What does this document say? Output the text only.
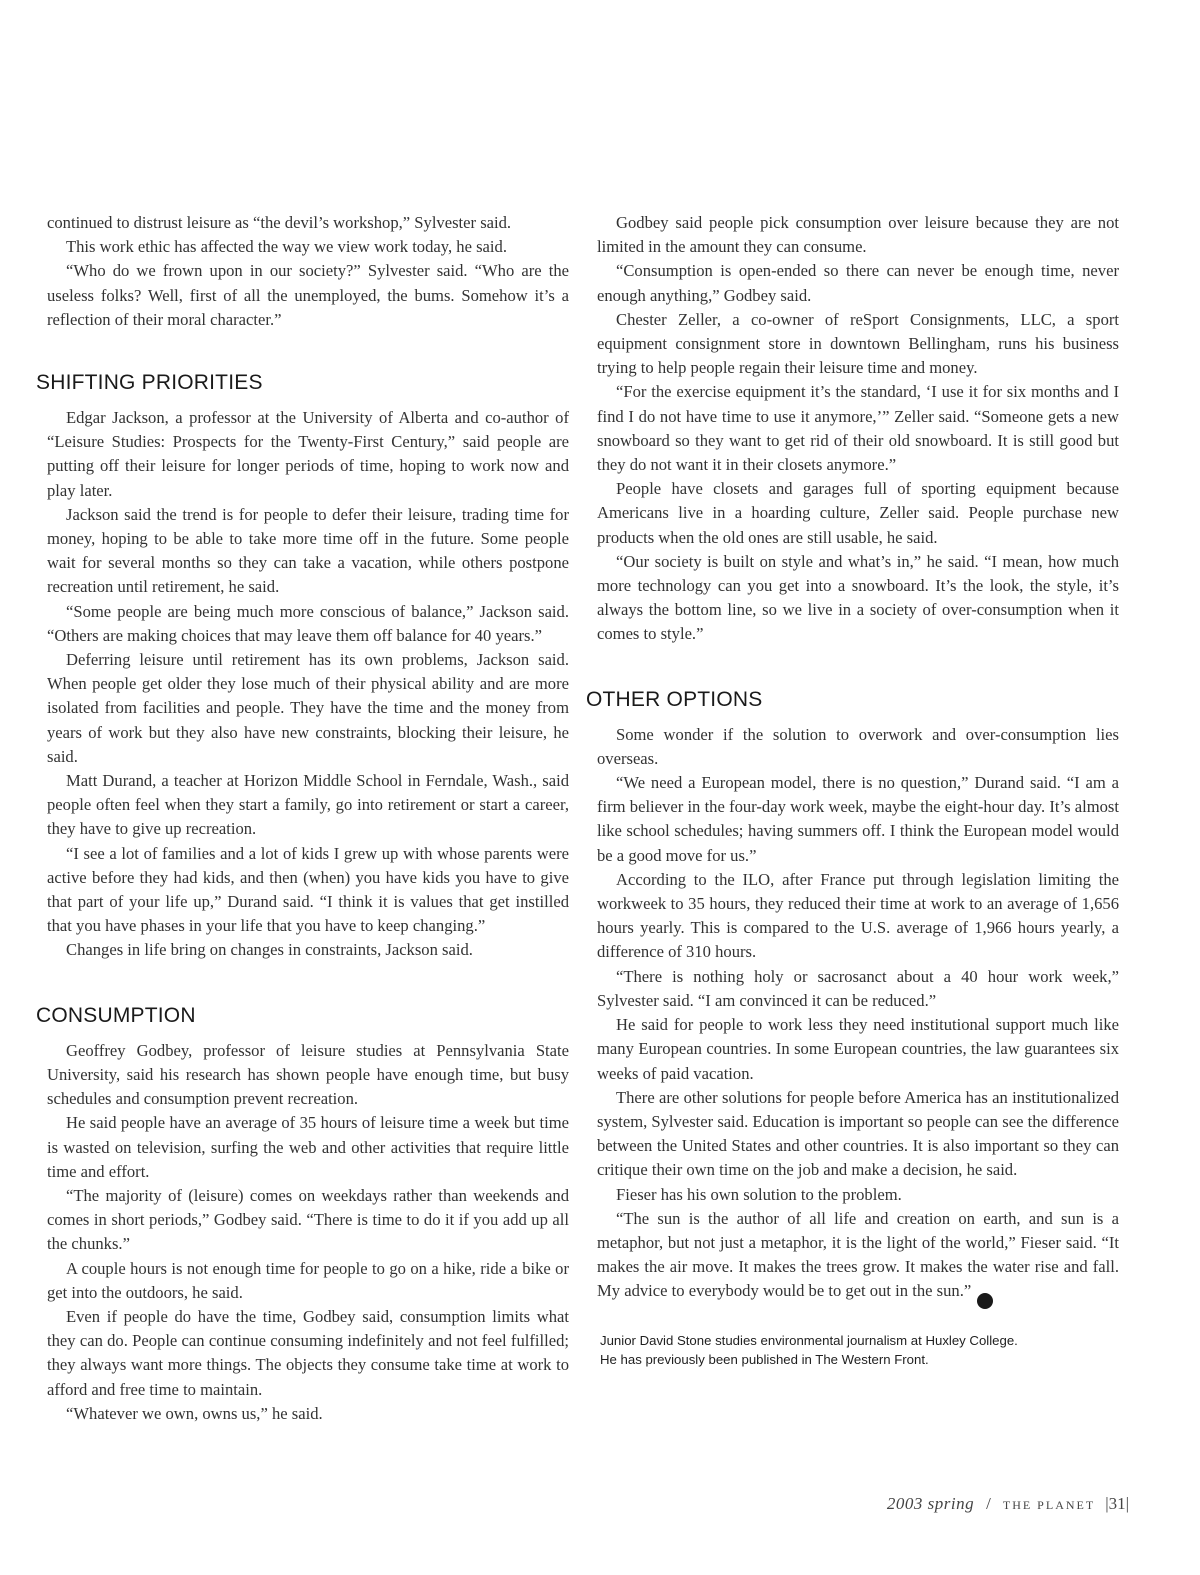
continued to distrust leisure as “the devil’s workshop,” Sylvester said.

This work ethic has affected the way we view work today, he said.

“Who do we frown upon in our society?” Sylvester said. “Who are the useless folks? Well, first of all the unemployed, the bums. Somehow it’s a reflection of their moral character.”

SHIFTING PRIORITIES

Edgar Jackson, a professor at the University of Alberta and co-author of “Leisure Studies: Prospects for the Twenty-First Century,” said people are putting off their leisure for longer periods of time, hoping to work now and play later.

Jackson said the trend is for people to defer their leisure, trading time for money, hoping to be able to take more time off in the future. Some people wait for several months so they can take a vacation, while others postpone recreation until retirement, he said.

“Some people are being much more conscious of balance,” Jackson said. “Others are making choices that may leave them off balance for 40 years.”

Deferring leisure until retirement has its own problems, Jackson said. When people get older they lose much of their physical ability and are more isolated from facilities and people. They have the time and the money from years of work but they also have new constraints, blocking their leisure, he said.

Matt Durand, a teacher at Horizon Middle School in Ferndale, Wash., said people often feel when they start a family, go into retirement or start a career, they have to give up recreation.

“I see a lot of families and a lot of kids I grew up with whose parents were active before they had kids, and then (when) you have kids you have to give that part of your life up,” Durand said. “I think it is values that get instilled that you have phases in your life that you have to keep changing.”

Changes in life bring on changes in constraints, Jackson said.

CONSUMPTION

Geoffrey Godbey, professor of leisure studies at Pennsylvania State University, said his research has shown people have enough time, but busy schedules and consumption prevent recreation.

He said people have an average of 35 hours of leisure time a week but time is wasted on television, surfing the web and other activities that require little time and effort.

“The majority of (leisure) comes on weekdays rather than weekends and comes in short periods,” Godbey said. “There is time to do it if you add up all the chunks.”

A couple hours is not enough time for people to go on a hike, ride a bike or get into the outdoors, he said.

Even if people do have the time, Godbey said, consumption limits what they can do. People can continue consuming indefinitely and not feel fulfilled; they always want more things. The objects they consume take time at work to afford and free time to maintain.

“Whatever we own, owns us,” he said.

Godbey said people pick consumption over leisure because they are not limited in the amount they can consume.

“Consumption is open-ended so there can never be enough time, never enough anything,” Godbey said.

Chester Zeller, a co-owner of reSport Consignments, LLC, a sport equipment consignment store in downtown Bellingham, runs his business trying to help people regain their leisure time and money.

“For the exercise equipment it’s the standard, ‘I use it for six months and I find I do not have time to use it anymore,’” Zeller said. “Someone gets a new snowboard so they want to get rid of their old snowboard. It is still good but they do not want it in their closets anymore.”

People have closets and garages full of sporting equipment because Americans live in a hoarding culture, Zeller said. People purchase new products when the old ones are still usable, he said.

“Our society is built on style and what’s in,” he said. “I mean, how much more technology can you get into a snowboard. It’s the look, the style, it’s always the bottom line, so we live in a society of over-consumption when it comes to style.”

OTHER OPTIONS

Some wonder if the solution to overwork and over-consumption lies overseas.

“We need a European model, there is no question,” Durand said. “I am a firm believer in the four-day work week, maybe the eight-hour day. It’s almost like school schedules; having summers off. I think the European model would be a good move for us.”

According to the ILO, after France put through legislation limiting the workweek to 35 hours, they reduced their time at work to an average of 1,656 hours yearly. This is compared to the U.S. average of 1,966 hours yearly, a difference of 310 hours.

“There is nothing holy or sacrosanct about a 40 hour work week,” Sylvester said. “I am convinced it can be reduced.”

He said for people to work less they need institutional support much like many European countries. In some European countries, the law guarantees six weeks of paid vacation.

There are other solutions for people before America has an institutionalized system, Sylvester said. Education is important so people can see the difference between the United States and other countries. It is also important so they can critique their own time on the job and make a decision, he said.

Fieser has his own solution to the problem.

“The sun is the author of all life and creation on earth, and sun is a metaphor, but not just a metaphor, it is the light of the world,” Fieser said. “It makes the air move. It makes the trees grow. It makes the water rise and fall. My advice to everybody would be to get out in the sun.”e

Junior David Stone studies environmental journalism at Huxley College.
He has previously been published in The Western Front.
2003 spring / THE PLANET |31|
